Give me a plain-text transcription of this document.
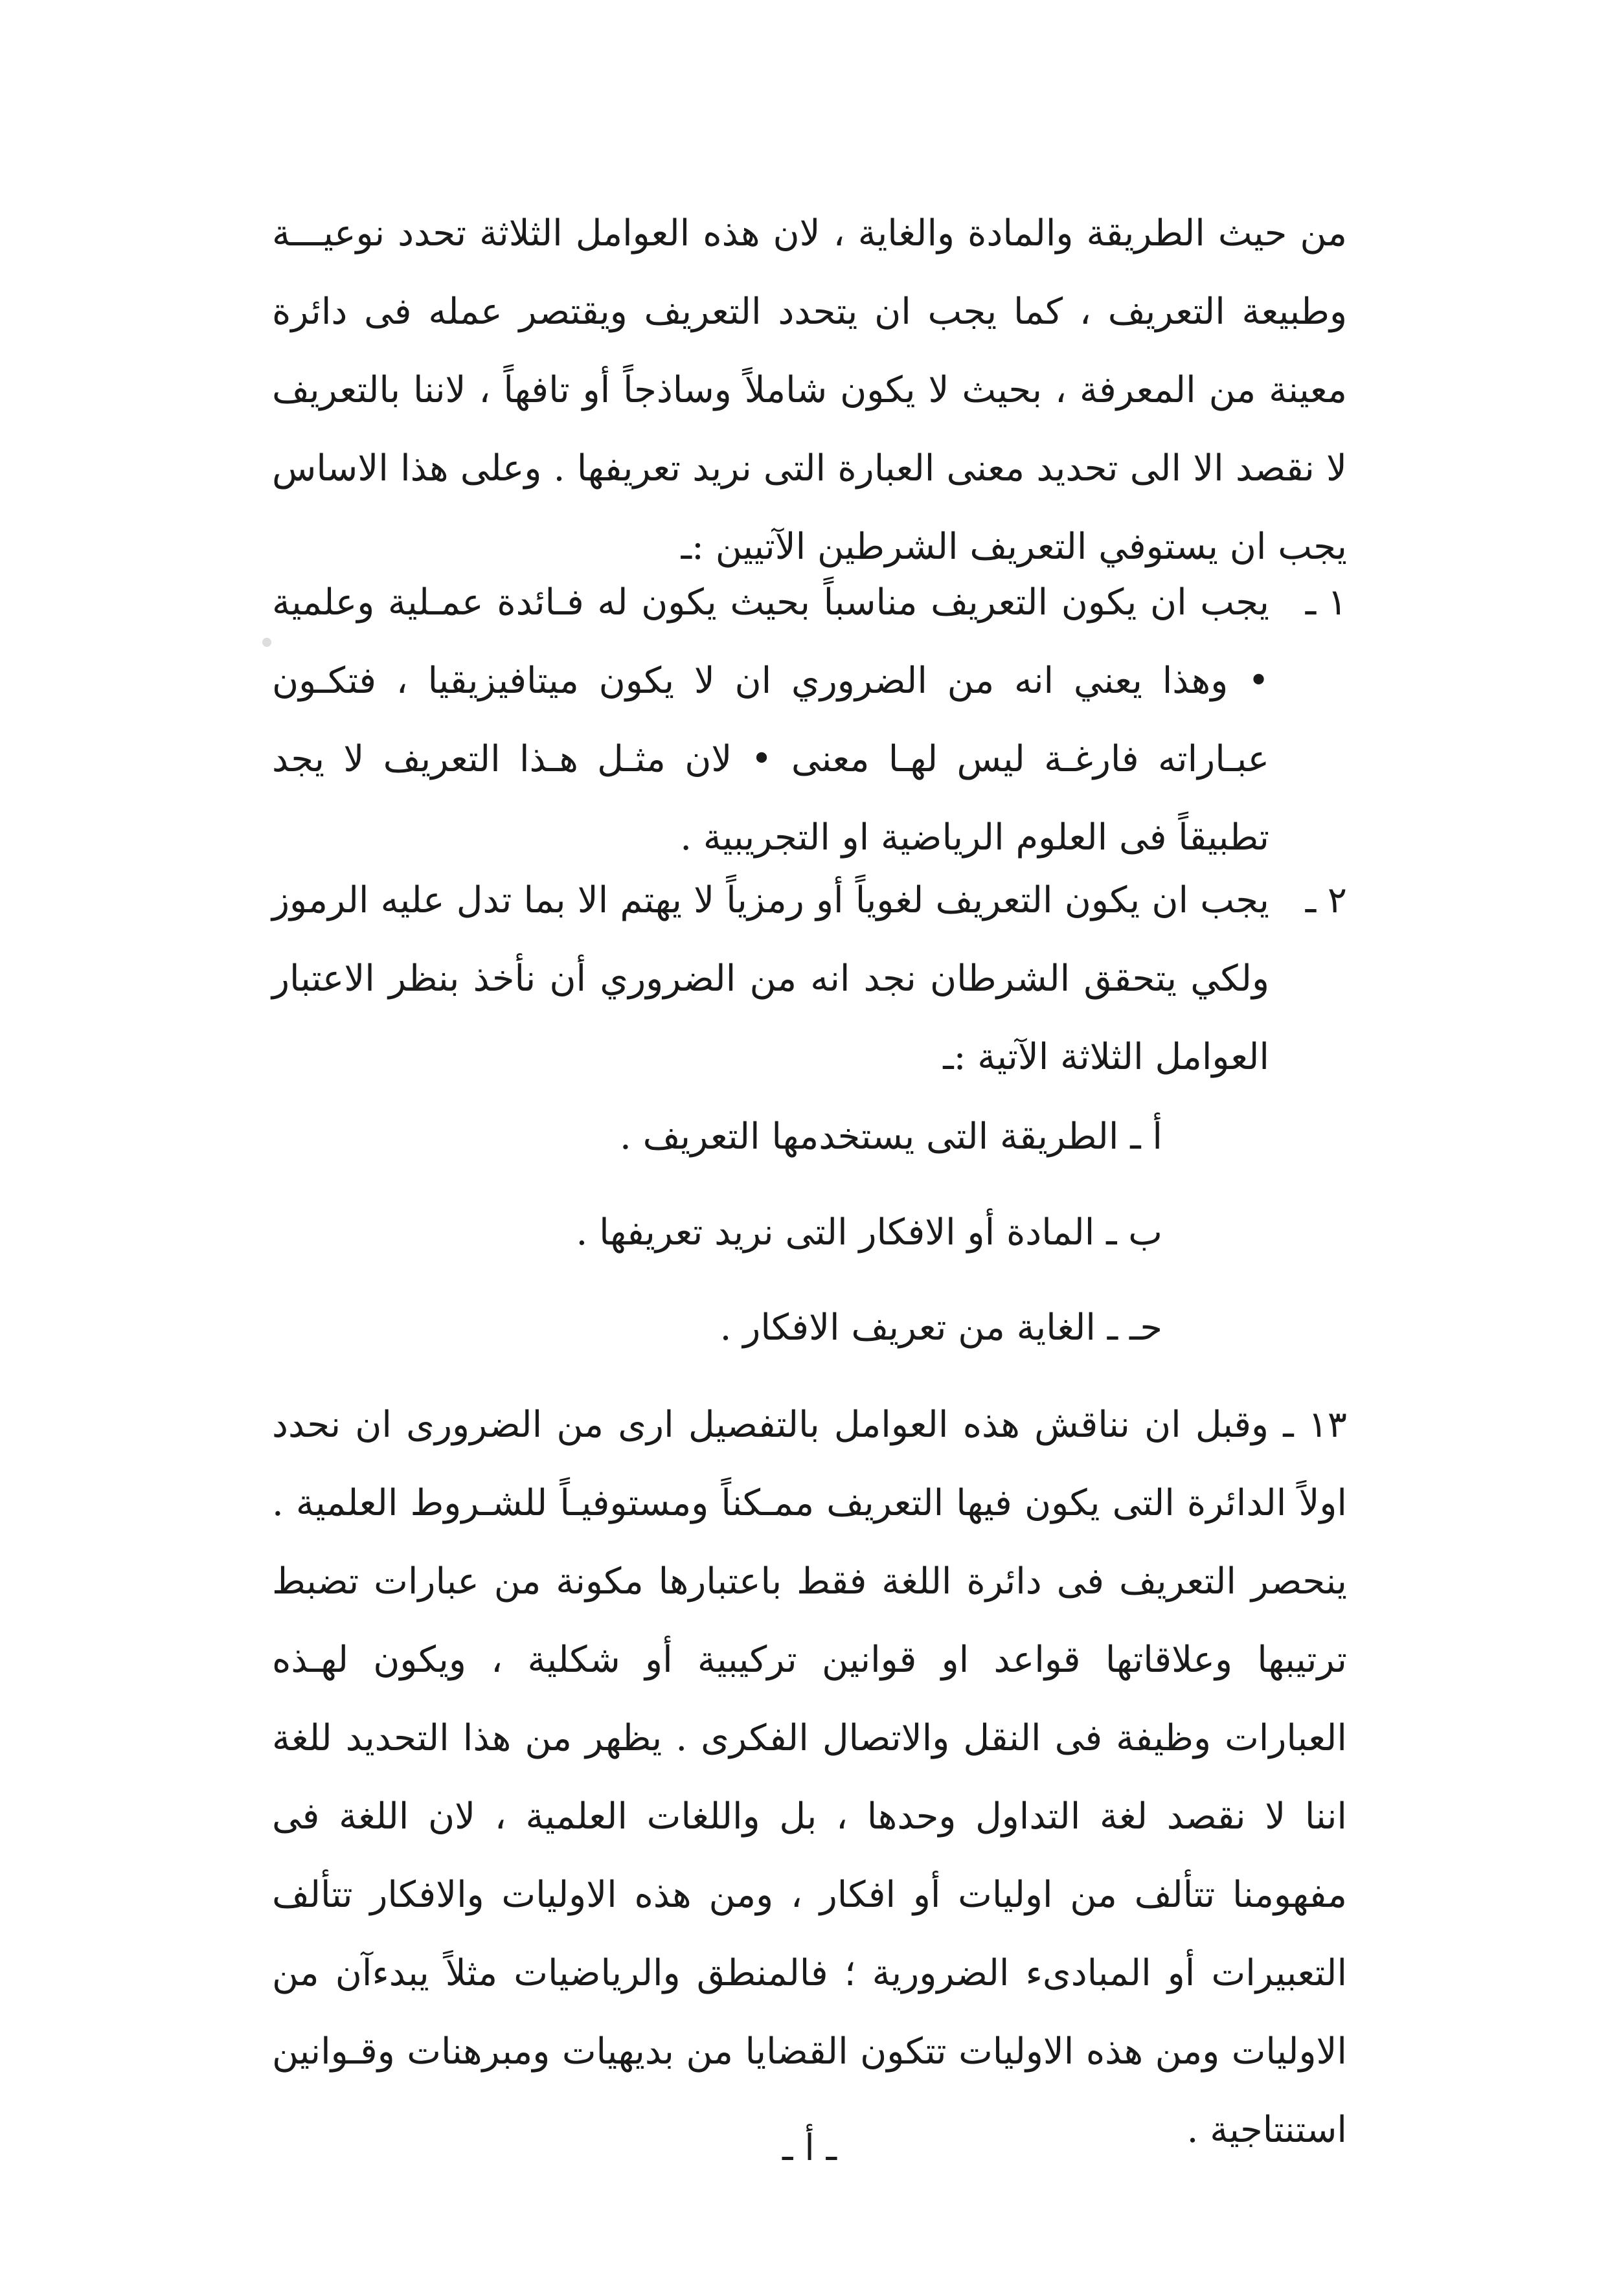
من حيث الطريقة والمادة والغاية ، لان هذه العوامل الثلاثة تحدد نوعيـــة وطبيعة التعريف ، كما يجب ان يتحدد التعريف ويقتصر عمله فى دائرة معينة من المعرفة ، بحيث لا يكون شاملاً وساذجاً أو تافهاً ، لاننا بالتعريف لا نقصد الا الى تحديد معنى العبارة التى نريد تعريفها . وعلى هذا الاساس يجب ان يستوفي التعريف الشرطين الآتيين :ـ
١ ـ
يجب ان يكون التعريف مناسباً بحيث يكون له فـائدة عمـلية وعلمية • وهذا يعني انه من الضروري ان لا يكون ميتافيزيقيا ، فتكـون عبـاراته فارغـة ليس لهـا معنى • لان مثـل هـذا التعريف لا يجد تطبيقاً فى العلوم الرياضية او التجريبية .
٢ ـ
يجب ان يكون التعريف لغوياً أو رمزياً لا يهتم الا بما تدل عليه الرموز ولكي يتحقق الشرطان نجد انه من الضروري أن نأخذ بنظر الاعتبار العوامل الثلاثة الآتية :ـ
أ ـ الطريقة التى يستخدمها التعريف .
ب ـ المادة أو الافكار التى نريد تعريفها .
حـ ـ الغاية من تعريف الافكار .
١٣ ـ وقبل ان نناقش هذه العوامل بالتفصيل ارى من الضرورى ان نحدد اولاً الدائرة التى يكون فيها التعريف ممـكناً ومستوفيـاً للشـروط العلمية . ينحصر التعريف فى دائرة اللغة فقط باعتبارها مكونة من عبارات تضبط ترتيبها وعلاقاتها قواعد او قوانين تركيبية أو شكلية ، ويكون لهـذه العبارات وظيفة فى النقل والاتصال الفكرى . يظهر من هذا التحديد للغة اننا لا نقصد لغة التداول وحدها ، بل واللغات العلمية ، لان اللغة فى مفهومنا تتألف من اوليات أو افكار ، ومن هذه الاوليات والافكار تتألف التعبيرات أو المبادىء الضرورية ؛ فالمنطق والرياضيات مثلاً يبدءآن من الاوليات ومن هذه الاوليات تتكون القضايا من بديهيات ومبرهنات وقـوانين استنتاجية .
ـ أ ـ
